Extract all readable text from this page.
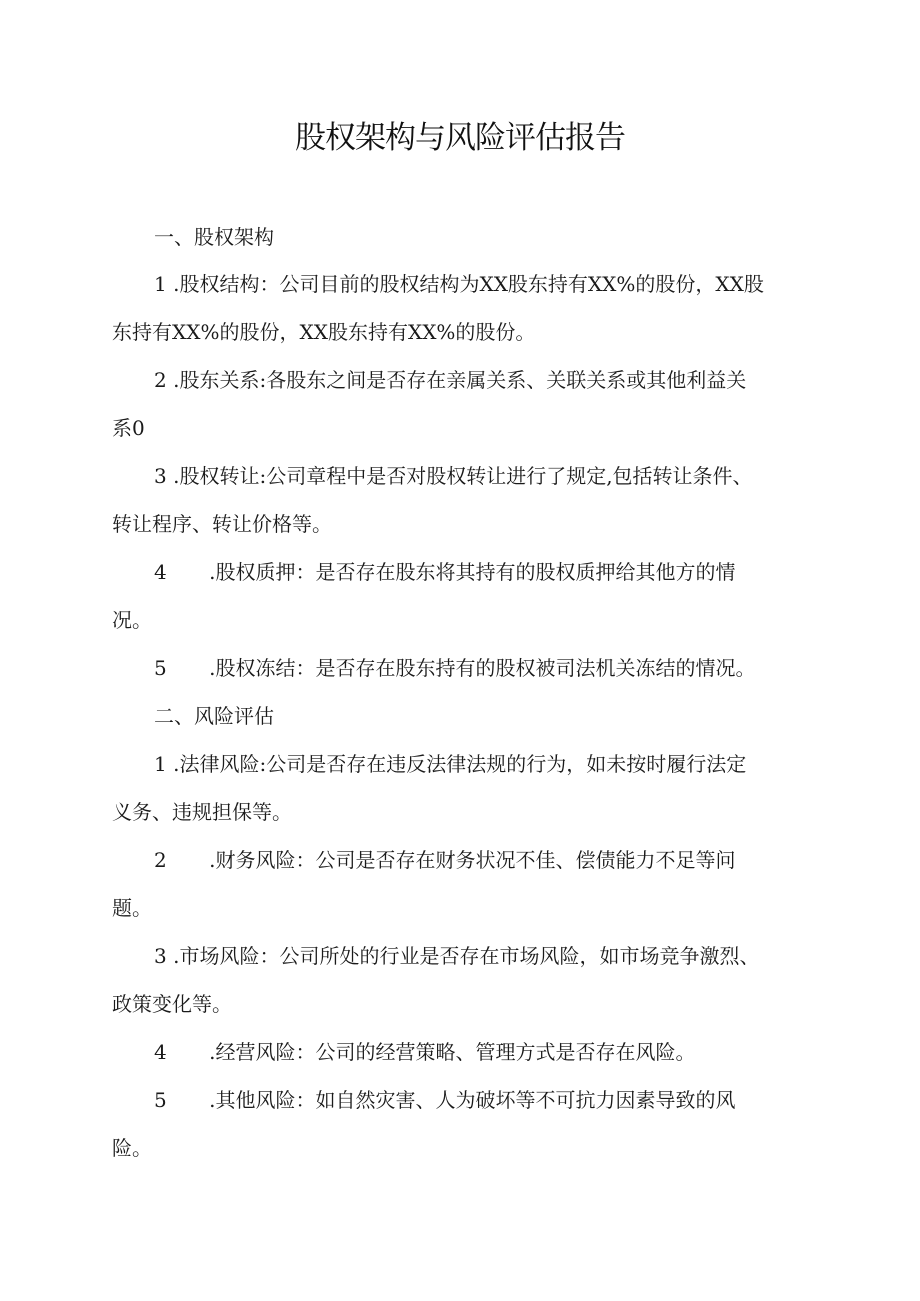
股权架构与风险评估报告
一、股权架构
1 .股权结构：公司目前的股权结构为XX股东持有XX%的股份，XX股
东持有XX%的股份，XX股东持有XX%的股份。
2 .股东关系:各股东之间是否存在亲属关系、关联关系或其他利益关
系0
3 .股权转让:公司章程中是否对股权转让进行了规定,包括转让条件、
转让程序、转让价格等。
4 .股权质押：是否存在股东将其持有的股权质押给其他方的情
况。
5 .股权冻结：是否存在股东持有的股权被司法机关冻结的情况。
二、风险评估
1 .法律风险:公司是否存在违反法律法规的行为，如未按时履行法定
义务、违规担保等。
2 .财务风险：公司是否存在财务状况不佳、偿债能力不足等问
题。
3 .市场风险：公司所处的行业是否存在市场风险，如市场竞争激烈、
政策变化等。
4 .经营风险：公司的经营策略、管理方式是否存在风险。
5 .其他风险：如自然灾害、人为破坏等不可抗力因素导致的风
险。
